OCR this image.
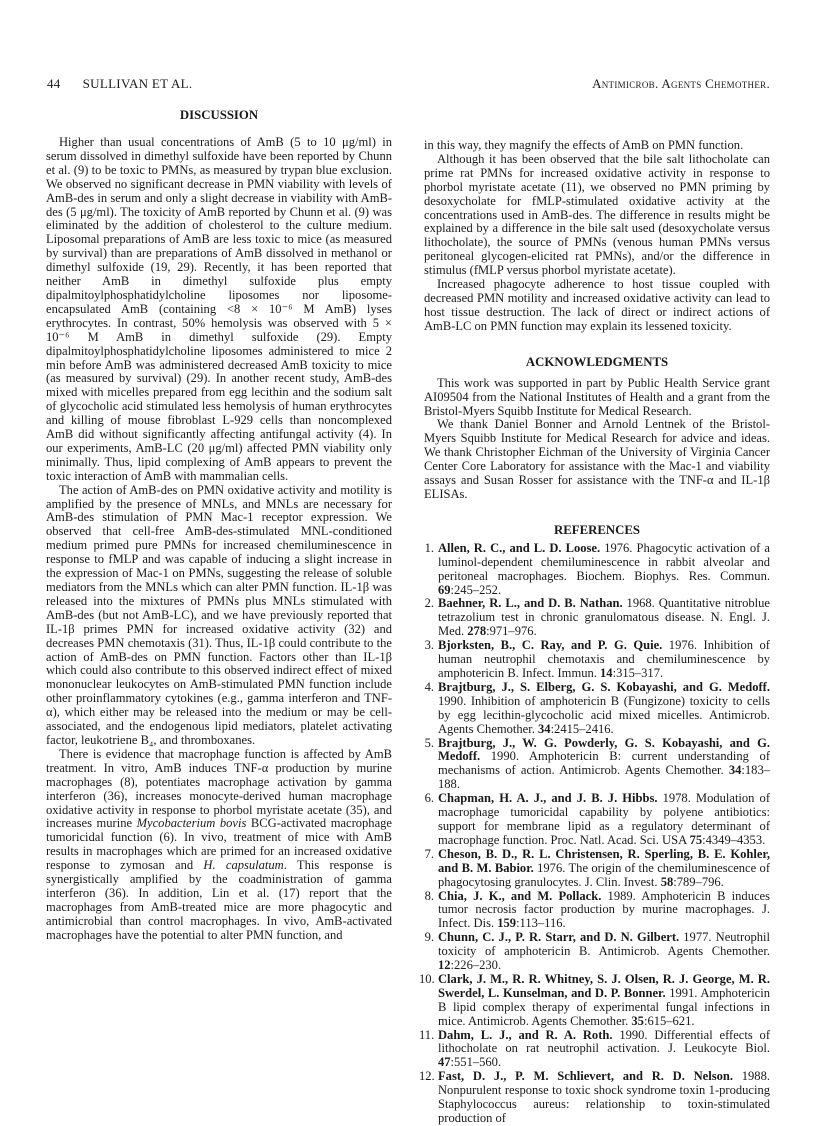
44 SULLIVAN ET AL.	Antimicrob. Agents Chemother.
DISCUSSION

Higher than usual concentrations of AmB (5 to 10 μg/ml) in serum dissolved in dimethyl sulfoxide have been reported by Chunn et al. (9) to be toxic to PMNs, as measured by trypan blue exclusion. We observed no significant decrease in PMN viability with levels of AmB-des in serum and only a slight decrease in viability with AmB-des (5 μg/ml). The toxicity of AmB reported by Chunn et al. (9) was eliminated by the addition of cholesterol to the culture medium. Liposomal preparations of AmB are less toxic to mice (as measured by survival) than are preparations of AmB dissolved in methanol or dimethyl sulfoxide (19, 29). Recently, it has been reported that neither AmB in dimethyl sulfoxide plus empty dipalmitoylphosphatidylcholine liposomes nor liposome-encapsulated AmB (containing <8 × 10⁻⁶ M AmB) lyses erythrocytes. In contrast, 50% hemolysis was observed with 5 × 10⁻⁶ M AmB in dimethyl sulfoxide (29). Empty dipalmitoylphosphatidylcholine liposomes administered to mice 2 min before AmB was administered decreased AmB toxicity to mice (as measured by survival) (29). In another recent study, AmB-des mixed with micelles prepared from egg lecithin and the sodium salt of glycocholic acid stimulated less hemolysis of human erythrocytes and killing of mouse fibroblast L-929 cells than noncomplexed AmB did without significantly affecting antifungal activity (4). In our experiments, AmB-LC (20 μg/ml) affected PMN viability only minimally. Thus, lipid complexing of AmB appears to prevent the toxic interaction of AmB with mammalian cells.

The action of AmB-des on PMN oxidative activity and motility is amplified by the presence of MNLs, and MNLs are necessary for AmB-des stimulation of PMN Mac-1 receptor expression. We observed that cell-free AmB-des-stimulated MNL-conditioned medium primed pure PMNs for increased chemiluminescence in response to fMLP and was capable of inducing a slight increase in the expression of Mac-1 on PMNs, suggesting the release of soluble mediators from the MNLs which can alter PMN function. IL-1β was released into the mixtures of PMNs plus MNLs stimulated with AmB-des (but not AmB-LC), and we have previously reported that IL-1β primes PMN for increased oxidative activity (32) and decreases PMN chemotaxis (31). Thus, IL-1β could contribute to the action of AmB-des on PMN function. Factors other than IL-1β which could also contribute to this observed indirect effect of mixed mononuclear leukocytes on AmB-stimulated PMN function include other proinflammatory cytokines (e.g., gamma interferon and TNF-α), which either may be released into the medium or may be cell-associated, and the endogenous lipid mediators, platelet activating factor, leukotriene B₄, and thromboxanes.

There is evidence that macrophage function is affected by AmB treatment. In vitro, AmB induces TNF-α production by murine macrophages (8), potentiates macrophage activation by gamma interferon (36), increases monocyte-derived human macrophage oxidative activity in response to phorbol myristate acetate (35), and increases murine Mycobacterium bovis BCG-activated macrophage tumoricidal function (6). In vivo, treatment of mice with AmB results in macrophages which are primed for an increased oxidative response to zymosan and H. capsulatum. This response is synergistically amplified by the coadministration of gamma interferon (36). In addition, Lin et al. (17) report that the macrophages from AmB-treated mice are more phagocytic and antimicrobial than control macrophages. In vivo, AmB-activated macrophages have the potential to alter PMN function, and

in this way, they magnify the effects of AmB on PMN function.

Although it has been observed that the bile salt lithocholate can prime rat PMNs for increased oxidative activity in response to phorbol myristate acetate (11), we observed no PMN priming by desoxycholate for fMLP-stimulated oxidative activity at the concentrations used in AmB-des. The difference in results might be explained by a difference in the bile salt used (desoxycholate versus lithocholate), the source of PMNs (venous human PMNs versus peritoneal glycogen-elicited rat PMNs), and/or the difference in stimulus (fMLP versus phorbol myristate acetate).

Increased phagocyte adherence to host tissue coupled with decreased PMN motility and increased oxidative activity can lead to host tissue destruction. The lack of direct or indirect actions of AmB-LC on PMN function may explain its lessened toxicity.

ACKNOWLEDGMENTS

This work was supported in part by Public Health Service grant AI09504 from the National Institutes of Health and a grant from the Bristol-Myers Squibb Institute for Medical Research.

We thank Daniel Bonner and Arnold Lentnek of the Bristol-Myers Squibb Institute for Medical Research for advice and ideas. We thank Christopher Eichman of the University of Virginia Cancer Center Core Laboratory for assistance with the Mac-1 and viability assays and Susan Rosser for assistance with the TNF-α and IL-1β ELISAs.

REFERENCES
1. Allen, R. C., and L. D. Loose. 1976. Phagocytic activation of a luminol-dependent chemiluminescence in rabbit alveolar and peritoneal macrophages. Biochem. Biophys. Res. Commun. 69:245–252.
2. Baehner, R. L., and D. B. Nathan. 1968. Quantitative nitroblue tetrazolium test in chronic granulomatous disease. N. Engl. J. Med. 278:971–976.
3. Bjorksten, B., C. Ray, and P. G. Quie. 1976. Inhibition of human neutrophil chemotaxis and chemiluminescence by amphotericin B. Infect. Immun. 14:315–317.
4. Brajtburg, J., S. Elberg, G. S. Kobayashi, and G. Medoff. 1990. Inhibition of amphotericin B (Fungizone) toxicity to cells by egg lecithin-glycocholic acid mixed micelles. Antimicrob. Agents Chemother. 34:2415–2416.
5. Brajtburg, J., W. G. Powderly, G. S. Kobayashi, and G. Medoff. 1990. Amphotericin B: current understanding of mechanisms of action. Antimicrob. Agents Chemother. 34:183–188.
6. Chapman, H. A. J., and J. B. J. Hibbs. 1978. Modulation of macrophage tumoricidal capability by polyene antibiotics: support for membrane lipid as a regulatory determinant of macrophage function. Proc. Natl. Acad. Sci. USA 75:4349–4353.
7. Cheson, B. D., R. L. Christensen, R. Sperling, B. E. Kohler, and B. M. Babior. 1976. The origin of the chemiluminescence of phagocytosing granulocytes. J. Clin. Invest. 58:789–796.
8. Chia, J. K., and M. Pollack. 1989. Amphotericin B induces tumor necrosis factor production by murine macrophages. J. Infect. Dis. 159:113–116.
9. Chunn, C. J., P. R. Starr, and D. N. Gilbert. 1977. Neutrophil toxicity of amphotericin B. Antimicrob. Agents Chemother. 12:226–230.
10. Clark, J. M., R. R. Whitney, S. J. Olsen, R. J. George, M. R. Swerdel, L. Kunselman, and D. P. Bonner. 1991. Amphotericin B lipid complex therapy of experimental fungal infections in mice. Antimicrob. Agents Chemother. 35:615–621.
11. Dahm, L. J., and R. A. Roth. 1990. Differential effects of lithocholate on rat neutrophil activation. J. Leukocyte Biol. 47:551–560.
12. Fast, D. J., P. M. Schlievert, and R. D. Nelson. 1988. Nonpurulent response to toxic shock syndrome toxin 1-producing Staphylococcus aureus: relationship to toxin-stimulated production of
